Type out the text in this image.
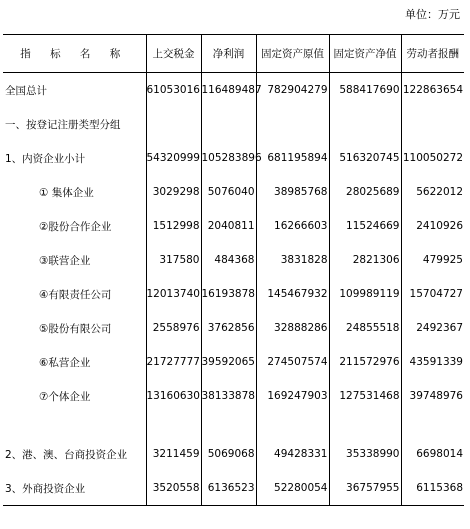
单位：万元
指 标 名 称	上交税金	净利润	固定资产原值	固定资产净值	劳动者报酬
全国总计	61053016	116489487	782904279	588417690	122863654
一、按登记注册类型分组					
1、内资企业小计	54320999	105283896	681195894	516320745	110050272
① 集体企业	3029298	5076040	38985768	28025689	5622012
②股份合作企业	1512998	2040811	16266603	11524669	2410926
③联营企业	317580	484368	3831828	2821306	479925
④有限责任公司	12013740	16193878	145467932	109989119	15704727
⑤股份有限公司	2558976	3762856	32888286	24855518	2492367
⑥私营企业	21727777	39592065	274507574	211572976	43591339
⑦个体企业	13160630	38133878	169247903	127531468	39748976

2、港、澳、台商投资企业	3211459	5069068	49428331	35338990	6698014
3、外商投资企业	3520558	6136523	52280054	36757955	6115368
